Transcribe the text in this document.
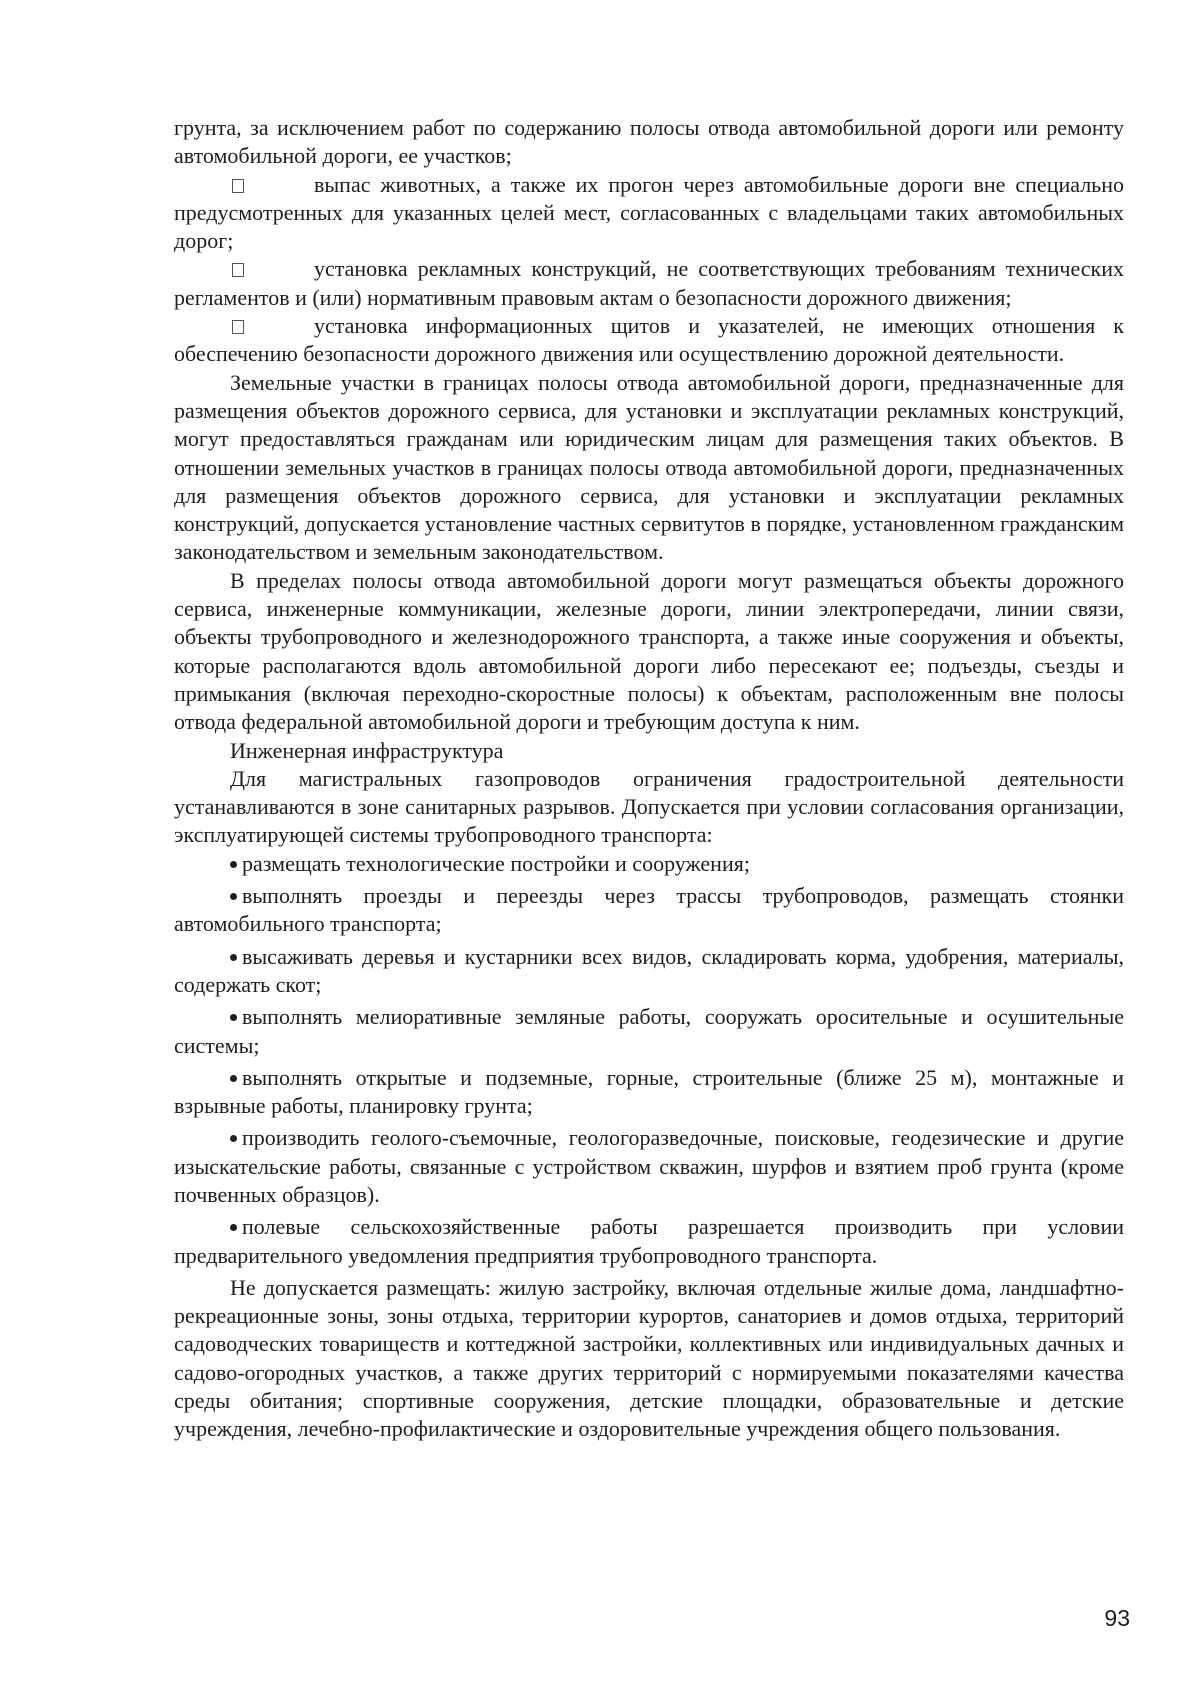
грунта, за исключением работ по содержанию полосы отвода автомобильной дороги или ремонту автомобильной дороги, ее участков;

выпас животных, а также их прогон через автомобильные дороги вне специально предусмотренных для указанных целей мест, согласованных с владельцами таких автомобильных дорог;

установка рекламных конструкций, не соответствующих требованиям технических регламентов и (или) нормативным правовым актам о безопасности дорожного движения;

установка информационных щитов и указателей, не имеющих отношения к обеспечению безопасности дорожного движения или осуществлению дорожной деятельности.

Земельные участки в границах полосы отвода автомобильной дороги, предназначенные для размещения объектов дорожного сервиса, для установки и эксплуатации рекламных конструкций, могут предоставляться гражданам или юридическим лицам для размещения таких объектов. В отношении земельных участков в границах полосы отвода автомобильной дороги, предназначенных для размещения объектов дорожного сервиса, для установки и эксплуатации рекламных конструкций, допускается установление частных сервитутов в порядке, установленном гражданским законодательством и земельным законодательством.

В пределах полосы отвода автомобильной дороги могут размещаться объекты дорожного сервиса, инженерные коммуникации, железные дороги, линии электропередачи, линии связи, объекты трубопроводного и железнодорожного транспорта, а также иные сооружения и объекты, которые располагаются вдоль автомобильной дороги либо пересекают ее; подъезды, съезды и примыкания (включая переходно-скоростные полосы) к объектам, расположенным вне полосы отвода федеральной автомобильной дороги и требующим доступа к ним.

Инженерная инфраструктура

Для магистральных газопроводов ограничения градостроительной деятельности устанавливаются в зоне санитарных разрывов. Допускается при условии согласования организации, эксплуатирующей системы трубопроводного транспорта:

размещать технологические постройки и сооружения;

выполнять проезды и переезды через трассы трубопроводов, размещать стоянки автомобильного транспорта;

высаживать деревья и кустарники всех видов, складировать корма, удобрения, материалы, содержать скот;

выполнять мелиоративные земляные работы, сооружать оросительные и осушительные системы;

выполнять открытые и подземные, горные, строительные (ближе 25 м), монтажные и взрывные работы, планировку грунта;

производить геолого-съемочные, геологоразведочные, поисковые, геодезические и другие изыскательские работы, связанные с устройством скважин, шурфов и взятием проб грунта (кроме почвенных образцов).

полевые сельскохозяйственные работы разрешается производить при условии предварительного уведомления предприятия трубопроводного транспорта.

Не допускается размещать: жилую застройку, включая отдельные жилые дома, ландшафтно-рекреационные зоны, зоны отдыха, территории курортов, санаториев и домов отдыха, территорий садоводческих товариществ и коттеджной застройки, коллективных или индивидуальных дачных и садово-огородных участков, а также других территорий с нормируемыми показателями качества среды обитания; спортивные сооружения, детские площадки, образовательные и детские учреждения, лечебно-профилактические и оздоровительные учреждения общего пользования.

93
